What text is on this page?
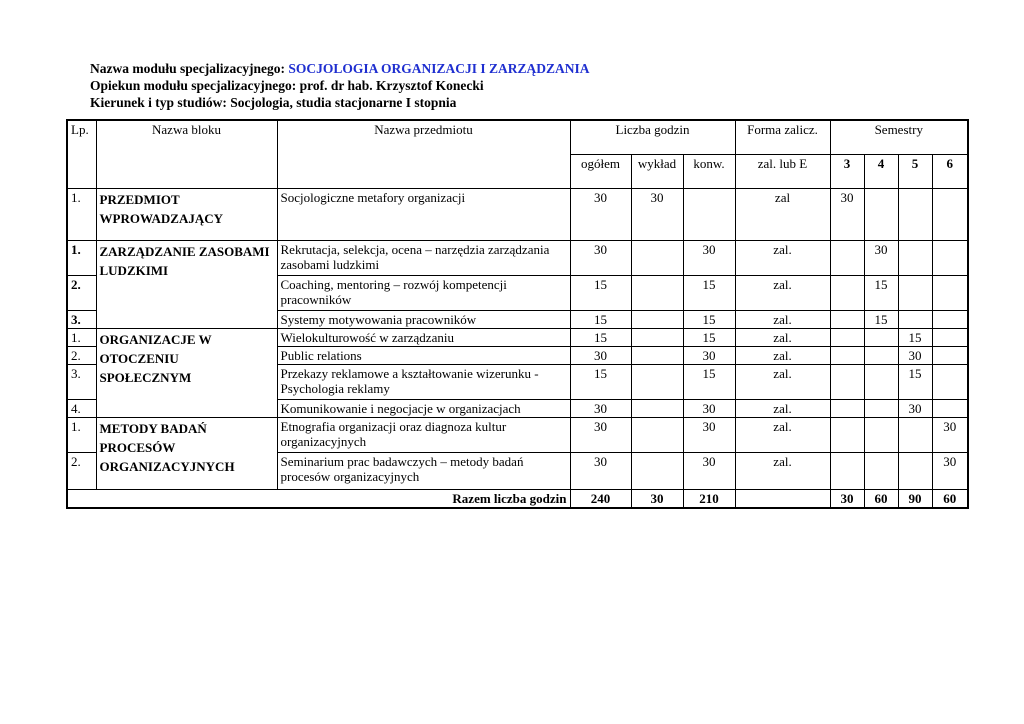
Nazwa modułu specjalizacyjnego: SOCJOLOGIA ORGANIZACJI I ZARZĄDZANIA
Opiekun modułu specjalizacyjnego: prof. dr hab. Krzysztof Konecki
Kierunek i typ studiów: Socjologia, studia stacjonarne I stopnia
Lp.	Nazwa bloku	Nazwa przedmiotu	Liczba godzin			Forma zalicz.	Semestry			
			ogółem	wykład	konw.	zal. lub E	3	4	5	6
1.	PRZEDMIOT WPROWADZAJĄCY	Socjologiczne metafory organizacji	30	30		zal	30			
1.	ZARZĄDZANIE ZASOBAMI LUDZKIMI	Rekrutacja, selekcja, ocena – narzędzia zarządzania zasobami ludzkimi	30		30	zal.		30		
2.		Coaching, mentoring – rozwój kompetencji pracowników	15		15	zal.		15		
3.		Systemy motywowania pracowników	15		15	zal.		15		
1.	ORGANIZACJE W OTOCZENIU SPOŁECZNYM	Wielokulturowość w zarządzaniu	15		15	zal.			15	
2.		Public relations	30		30	zal.			30	
3.		Przekazy reklamowe a kształtowanie wizerunku -Psychologia reklamy	15		15	zal.			15	
4.		Komunikowanie i negocjacje w organizacjach	30		30	zal.			30	
1.	METODY BADAŃ PROCESÓW ORGANIZACYJNYCH	Etnografia organizacji oraz diagnoza kultur organizacyjnych	30		30	zal.				30
2.		Seminarium prac badawczych – metody badań procesów organizacyjnych	30		30	zal.				30
Razem liczba godzin			240	30	210		30	60	90	60
